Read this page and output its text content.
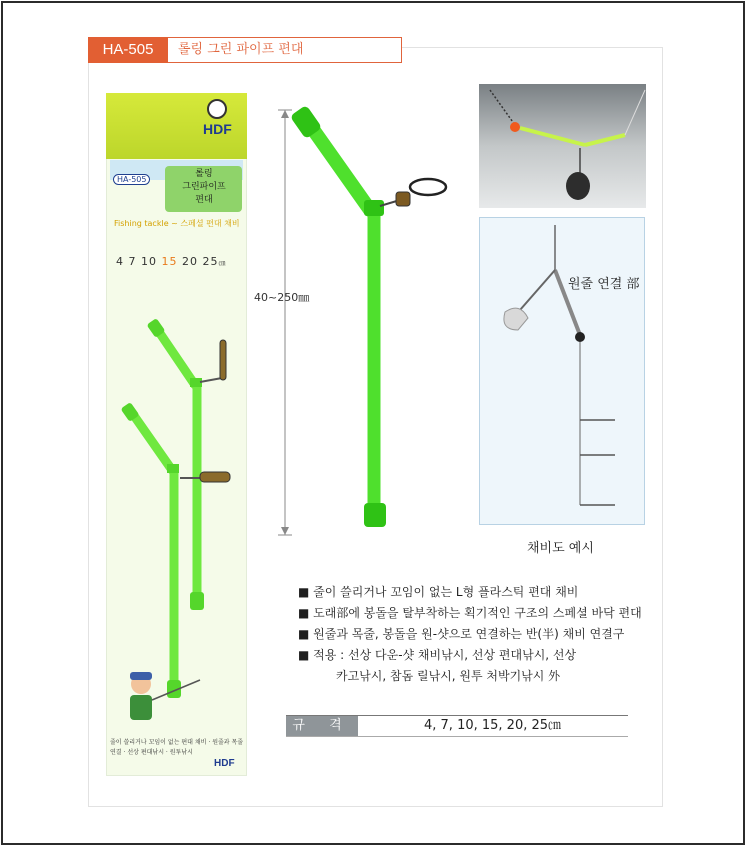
HA-505	롤링 그린 파이프 편대
HDF
HA-505
롤링
그린파이프
편대
Fishing tackle ~ 스페셜 편대 채비
4 7 10 15 20 25㎝
줄이 쓸리거나 꼬임이 없는 편대 채비 · 원줄과 목줄 연결 · 선상 편대낚시 · 원투낚시
HDF
40~250㎜
원줄 연결 部
채비도 예시
■ 줄이 쓸리거나 꼬임이 없는 L형 플라스틱 편대 채비
■ 도래部에 봉돌을 탈부착하는 획기적인 구조의 스페셜 바닥 편대
■ 원줄과 목줄, 봉돌을 원-샷으로 연결하는 반(半) 채비 연결구
■ 적용 : 선상 다운-샷 채비낚시, 선상 편대낚시, 선상
카고낚시, 참돔 릴낚시, 원투 처박기낚시 外
규 격	4, 7, 10, 15, 20, 25㎝
